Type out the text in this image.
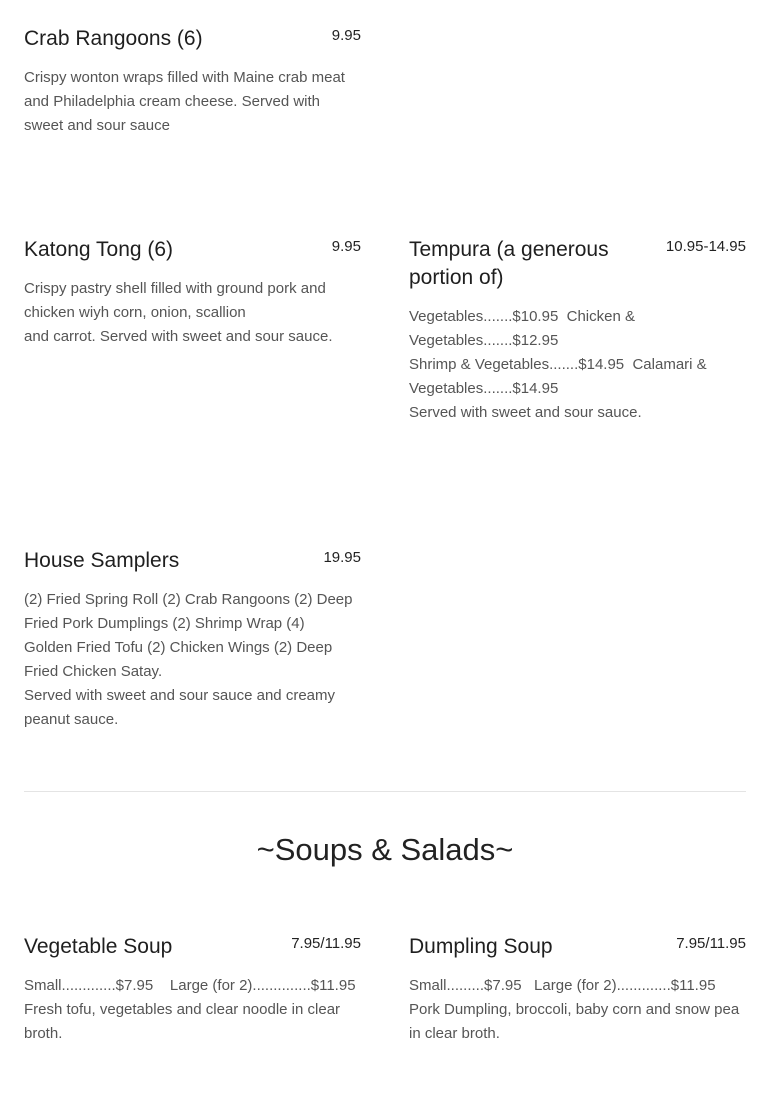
Crab Rangoons (6)	9.95
Crispy wonton wraps filled with Maine crab meat
and Philadelphia cream cheese. Served with
sweet and sour sauce
Katong Tong (6)	9.95
Crispy pastry shell filled with ground pork and
chicken wiyh corn, onion, scallion
and carrot. Served with sweet and sour sauce.
Tempura (a generous
portion of)
10.95-14.95
Vegetables.......$10.95  Chicken &
Vegetables.......$12.95
Shrimp & Vegetables.......$14.95  Calamari &
Vegetables.......$14.95
Served with sweet and sour sauce.
House Samplers	19.95
(2) Fried Spring Roll (2) Crab Rangoons (2) Deep
Fried Pork Dumplings (2) Shrimp Wrap (4)
Golden Fried Tofu (2) Chicken Wings (2) Deep
Fried Chicken Satay.
Served with sweet and sour sauce and creamy
peanut sauce.
~Soups & Salads~
Vegetable Soup	7.95/11.95
Small.............$7.95    Large (for 2)..............$11.95
Fresh tofu, vegetables and clear noodle in clear
broth.
Dumpling Soup	7.95/11.95
Small.........$7.95   Large (for 2).............$11.95
Pork Dumpling, broccoli, baby corn and snow pea
in clear broth.
